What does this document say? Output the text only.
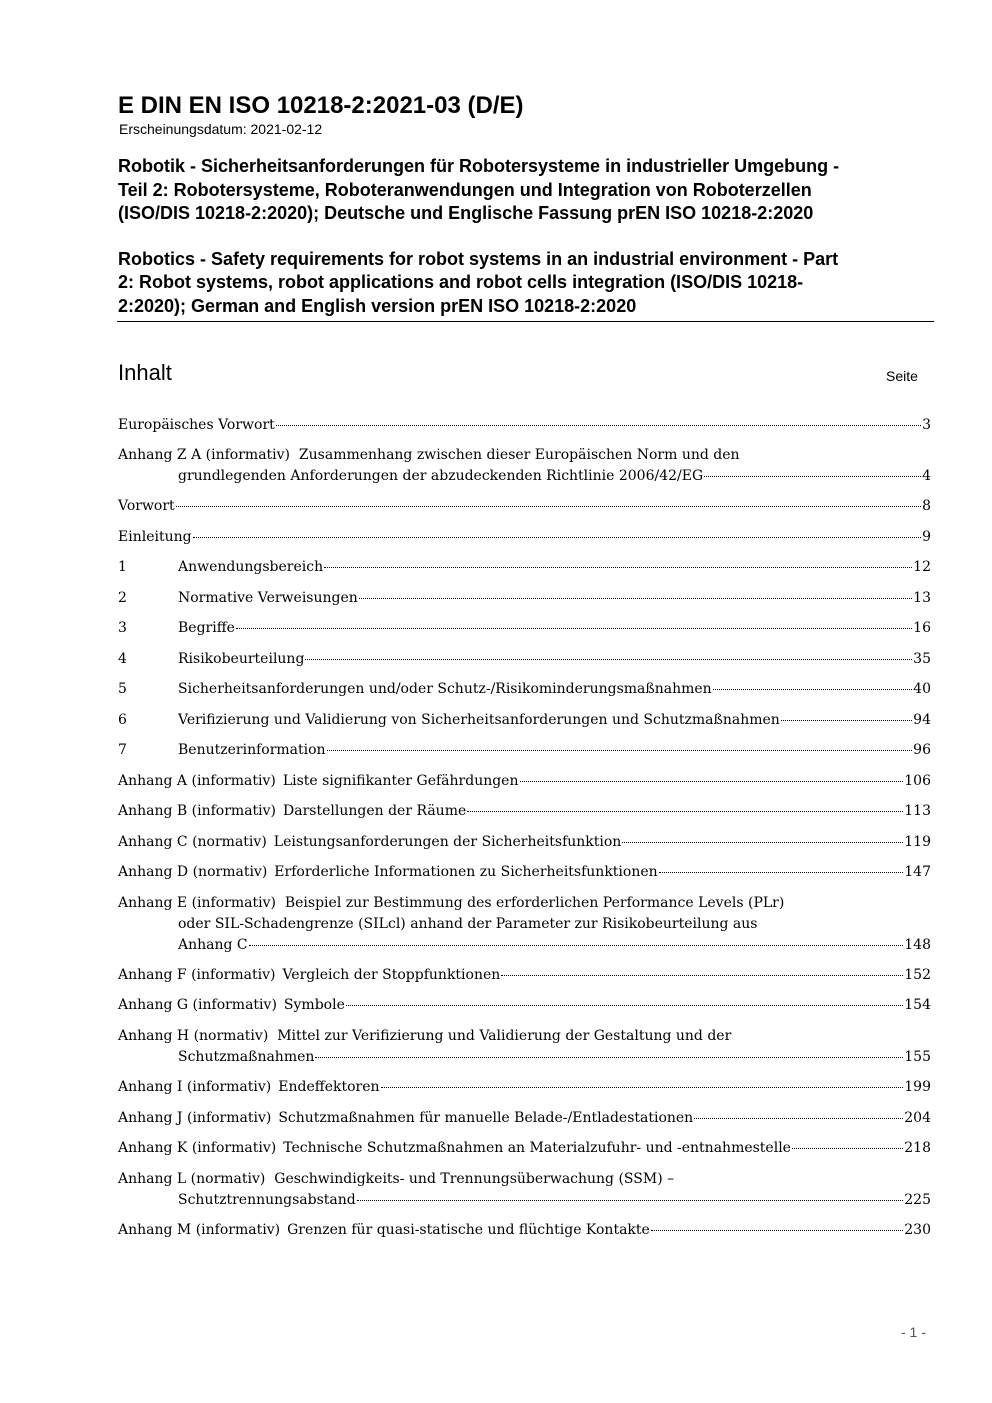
E DIN EN ISO 10218-2:2021-03 (D/E)
Erscheinungsdatum: 2021-02-12
Robotik - Sicherheitsanforderungen für Robotersysteme in industrieller Umgebung -
Teil 2: Robotersysteme, Roboteranwendungen und Integration von Roboterzellen
(ISO/DIS 10218-2:2020); Deutsche und Englische Fassung prEN ISO 10218-2:2020
Robotics - Safety requirements for robot systems in an industrial environment - Part
2: Robot systems, robot applications and robot cells integration (ISO/DIS 10218-
2:2020); German and English version prEN ISO 10218-2:2020
Inhalt	Seite
Europäisches Vorwort	3
Anhang Z A (informativ) Zusammenhang zwischen dieser Europäischen Norm und den
grundlegenden Anforderungen der abzudeckenden Richtlinie 2006/42/EG	4
Vorwort	8
Einleitung	9
1	Anwendungsbereich	12
2	Normative Verweisungen	13
3	Begriffe	16
4	Risikobeurteilung	35
5	Sicherheitsanforderungen und/oder Schutz-/Risikominderungsmaßnahmen	40
6	Verifizierung und Validierung von Sicherheitsanforderungen und Schutzmaßnahmen	94
7	Benutzerinformation	96
Anhang A (informativ) Liste signifikanter Gefährdungen	106
Anhang B (informativ) Darstellungen der Räume	113
Anhang C (normativ) Leistungsanforderungen der Sicherheitsfunktion	119
Anhang D (normativ) Erforderliche Informationen zu Sicherheitsfunktionen	147
Anhang E (informativ) Beispiel zur Bestimmung des erforderlichen Performance Levels (PLr)
oder SIL-Schadengrenze (SILcl) anhand der Parameter zur Risikobeurteilung aus
Anhang C	148
Anhang F (informativ) Vergleich der Stoppfunktionen	152
Anhang G (informativ) Symbole	154
Anhang H (normativ) Mittel zur Verifizierung und Validierung der Gestaltung und der
Schutzmaßnahmen	155
Anhang I (informativ) Endeffektoren	199
Anhang J (informativ) Schutzmaßnahmen für manuelle Belade-/Entladestationen	204
Anhang K (informativ) Technische Schutzmaßnahmen an Materialzufuhr- und -entnahmestelle	218
Anhang L (normativ) Geschwindigkeits- und Trennungsüberwachung (SSM) –
Schutztrennungsabstand	225
Anhang M (informativ) Grenzen für quasi-statische und flüchtige Kontakte	230
- 1 -
